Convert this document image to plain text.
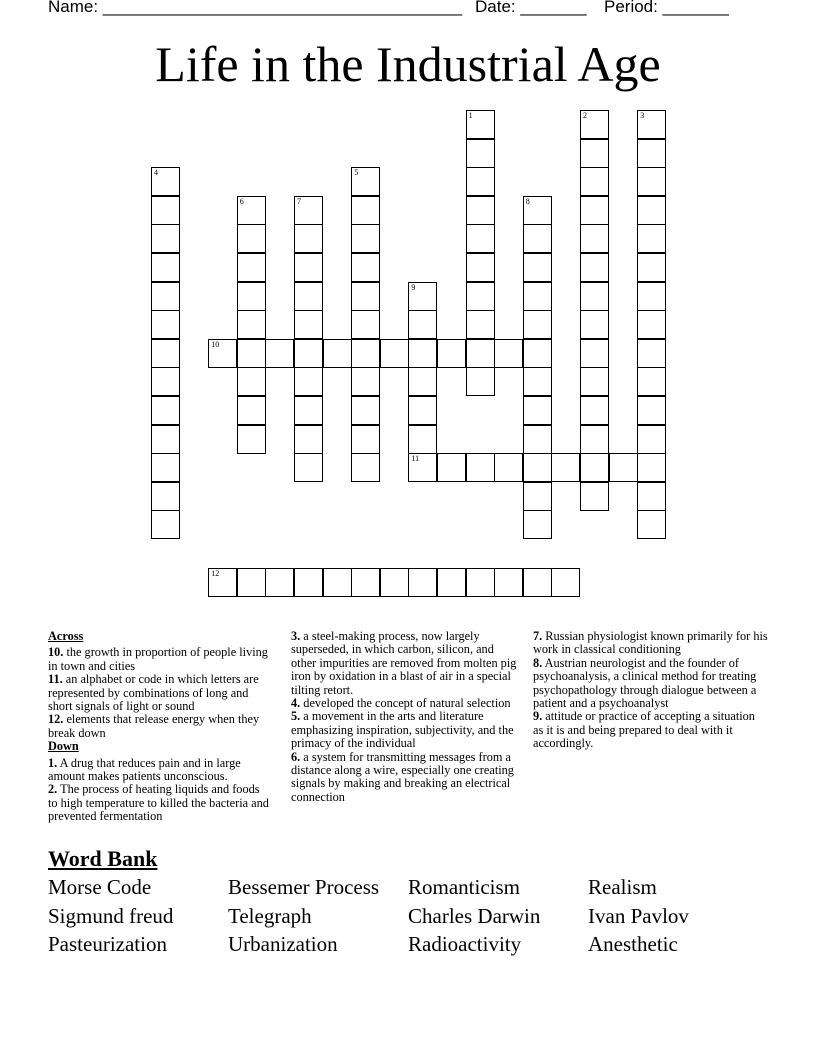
Name: ______________________________________ Date: _______ Period: _______
Life in the Industrial Age
1	2	3
4	5
6	7	8
9
11
10
12
Across

10. the growth in proportion of people living in town and cities

11. an alphabet or code in which letters are represented by combinations of long and short signals of light or sound

12. elements that release energy when they break down

Down

1. A drug that reduces pain and in large amount makes patients unconscious.

2. The process of heating liquids and foods to high temperature to killed the bacteria and prevented fermentation

3. a steel-making process, now largely superseded, in which carbon, silicon, and other impurities are removed from molten pig iron by oxidation in a blast of air in a special tilting retort.

4. developed the concept of natural selection

5. a movement in the arts and literature emphasizing inspiration, subjectivity, and the primacy of the individual

6. a system for transmitting messages from a distance along a wire, especially one creating signals by making and breaking an electrical connection

7. Russian physiologist known primarily for his work in classical conditioning

8. Austrian neurologist and the founder of psychoanalysis, a clinical method for treating psychopathology through dialogue between a patient and a psychoanalyst

9. attitude or practice of accepting a situation as it is and being prepared to deal with it accordingly.

Word Bank
Morse Code	Bessemer Process	Romanticism	Realism
Sigmund freud	Telegraph	Charles Darwin	Ivan Pavlov
Pasteurization	Urbanization	Radioactivity	Anesthetic
